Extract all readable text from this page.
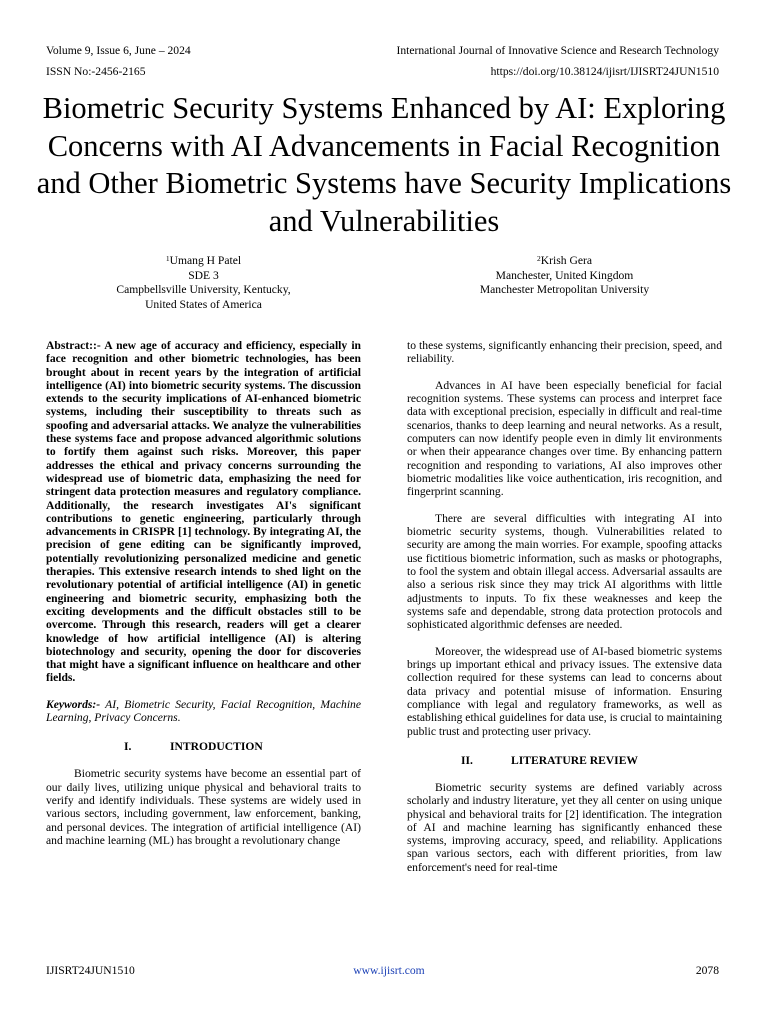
Volume 9, Issue 6, June – 2024	International Journal of Innovative Science and Research Technology
ISSN No:-2456-2165	https://doi.org/10.38124/ijisrt/IJISRT24JUN1510
Biometric Security Systems Enhanced by AI: Exploring Concerns with AI Advancements in Facial Recognition and Other Biometric Systems have Security Implications and Vulnerabilities
$^1$Umang H Patel
SDE 3
Campbellsville University, Kentucky,
United States of America
$^2$Krish Gera
Manchester, United Kingdom
Manchester Metropolitan University

Abstract::- A new age of accuracy and efficiency, especially in face recognition and other biometric technologies, has been brought about in recent years by the integration of artificial intelligence (AI) into biometric security systems. The discussion extends to the security implications of AI-enhanced biometric systems, including their susceptibility to threats such as spoofing and adversarial attacks. We analyze the vulnerabilities these systems face and propose advanced algorithmic solutions to fortify them against such risks. Moreover, this paper addresses the ethical and privacy concerns surrounding the widespread use of biometric data, emphasizing the need for stringent data protection measures and regulatory compliance. Additionally, the research investigates AI's significant contributions to genetic engineering, particularly through advancements in CRISPR [1] technology. By integrating AI, the precision of gene editing can be significantly improved, potentially revolutionizing personalized medicine and genetic therapies. This extensive research intends to shed light on the revolutionary potential of artificial intelligence (AI) in genetic engineering and biometric security, emphasizing both the exciting developments and the difficult obstacles still to be overcome. Through this research, readers will get a clearer knowledge of how artificial intelligence (AI) is altering biotechnology and security, opening the door for discoveries that might have a significant influence on healthcare and other fields.

Keywords:- AI, Biometric Security, Facial Recognition, Machine Learning, Privacy Concerns.

I.	INTRODUCTION

Biometric security systems have become an essential part of our daily lives, utilizing unique physical and behavioral traits to verify and identify individuals. These systems are widely used in various sectors, including government, law enforcement, banking, and personal devices. The integration of artificial intelligence (AI) and machine learning (ML) has brought a revolutionary change

to these systems, significantly enhancing their precision, speed, and reliability.

Advances in AI have been especially beneficial for facial recognition systems. These systems can process and interpret face data with exceptional precision, especially in difficult and real-time scenarios, thanks to deep learning and neural networks. As a result, computers can now identify people even in dimly lit environments or when their appearance changes over time. By enhancing pattern recognition and responding to variations, AI also improves other biometric modalities like voice authentication, iris recognition, and fingerprint scanning.

There are several difficulties with integrating AI into biometric security systems, though. Vulnerabilities related to security are among the main worries. For example, spoofing attacks use fictitious biometric information, such as masks or photographs, to fool the system and obtain illegal access. Adversarial assaults are also a serious risk since they may trick AI algorithms with little adjustments to inputs. To fix these weaknesses and keep the systems safe and dependable, strong data protection protocols and sophisticated algorithmic defenses are needed.

Moreover, the widespread use of AI-based biometric systems brings up important ethical and privacy issues. The extensive data collection required for these systems can lead to concerns about data privacy and potential misuse of information. Ensuring compliance with legal and regulatory frameworks, as well as establishing ethical guidelines for data use, is crucial to maintaining public trust and protecting user privacy.

II.	LITERATURE REVIEW

Biometric security systems are defined variably across scholarly and industry literature, yet they all center on using unique physical and behavioral traits for [2] identification. The integration of AI and machine learning has significantly enhanced these systems, improving accuracy, speed, and reliability. Applications span various sectors, each with different priorities, from law enforcement's need for real-time

IJISRT24JUN1510	www.ijisrt.com	2078
